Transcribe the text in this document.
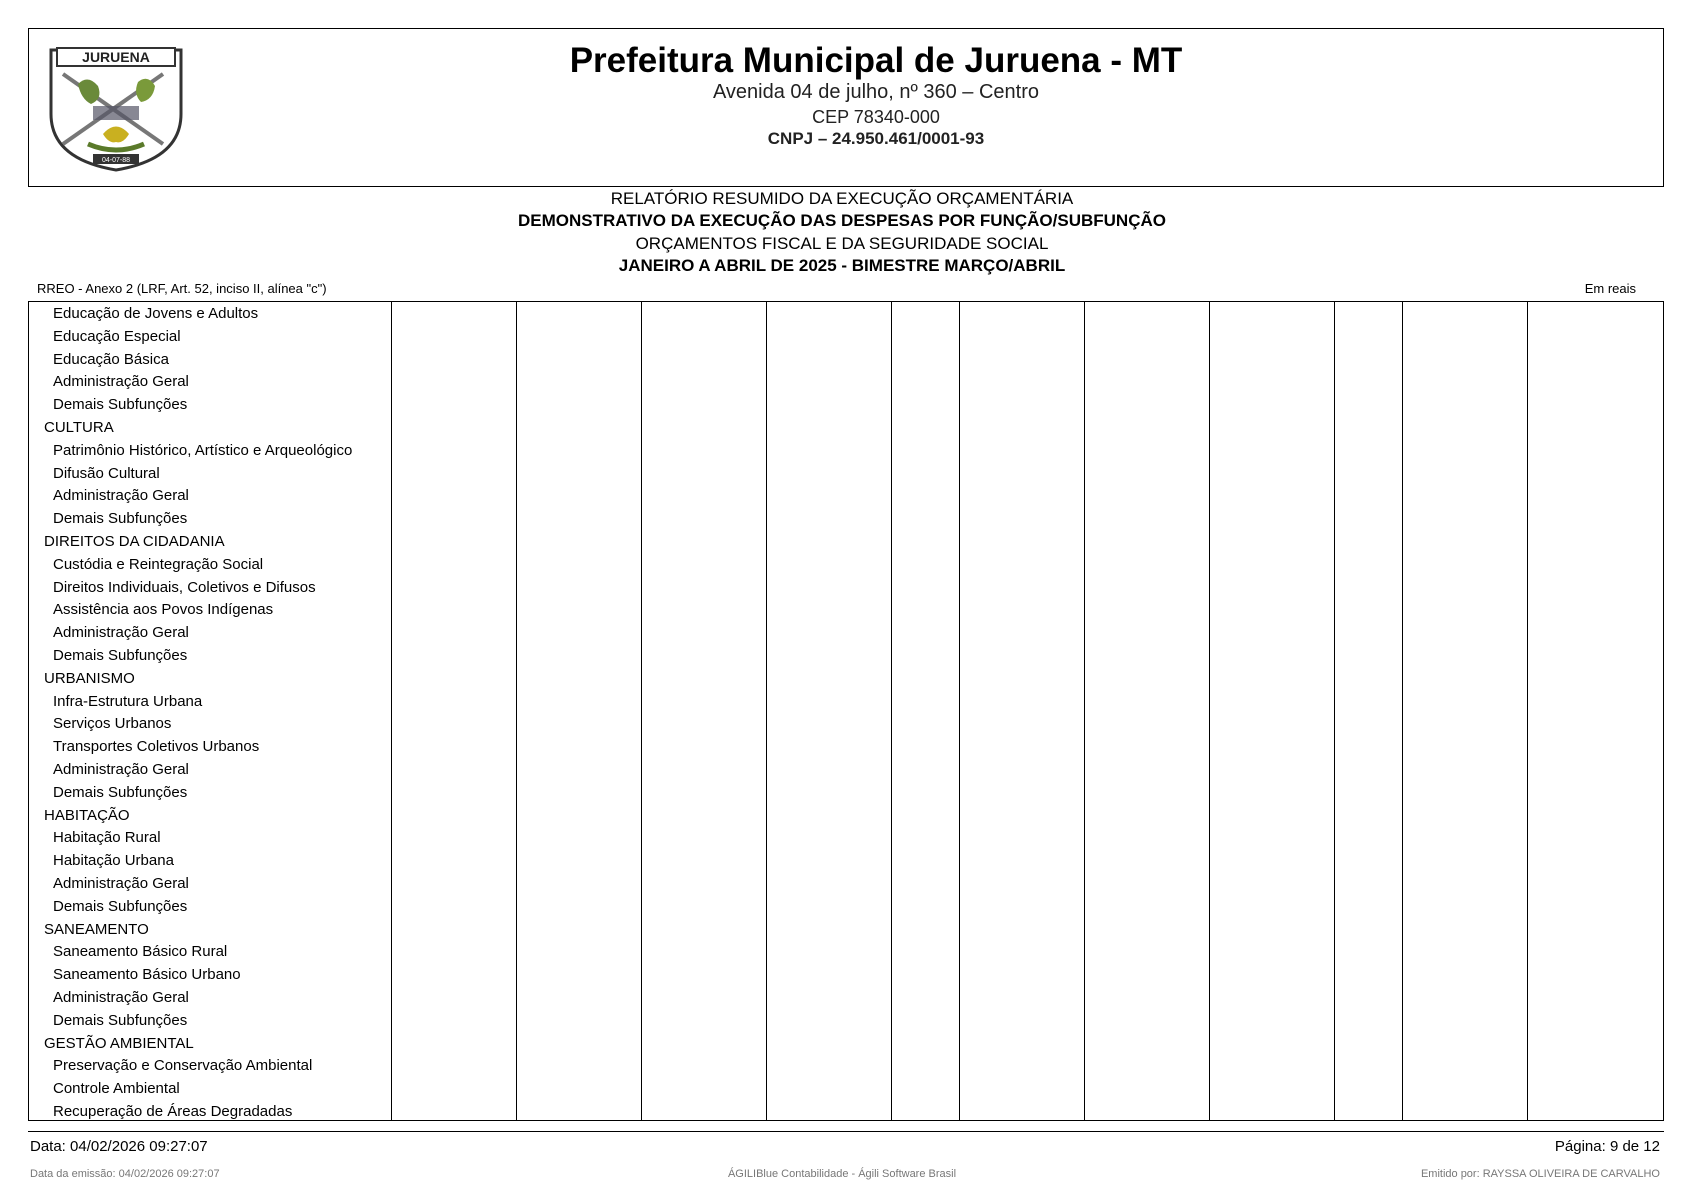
JURUENA
04-07-88
Prefeitura Municipal de Juruena - MT
Avenida 04 de julho, nº 360 – Centro
CEP 78340-000
CNPJ – 24.950.461/0001-93
RELATÓRIO RESUMIDO DA EXECUÇÃO ORÇAMENTÁRIA
DEMONSTRATIVO DA EXECUÇÃO DAS DESPESAS POR FUNÇÃO/SUBFUNÇÃO
ORÇAMENTOS FISCAL E DA SEGURIDADE SOCIAL
JANEIRO A ABRIL DE 2025 - BIMESTRE MARÇO/ABRIL
RREO - Anexo 2 (LRF, Art. 52, inciso II, alínea "c")	Em reais
Educação de Jovens e Adultos
Educação Especial
Educação Básica
Administração Geral
Demais Subfunções
CULTURA
Patrimônio Histórico, Artístico e Arqueológico
Difusão Cultural
Administração Geral
Demais Subfunções
DIREITOS DA CIDADANIA
Custódia e Reintegração Social
Direitos Individuais, Coletivos e Difusos
Assistência aos Povos Indígenas
Administração Geral
Demais Subfunções
URBANISMO
Infra-Estrutura Urbana
Serviços Urbanos
Transportes Coletivos Urbanos
Administração Geral
Demais Subfunções
HABITAÇÃO
Habitação Rural
Habitação Urbana
Administração Geral
Demais Subfunções
SANEAMENTO
Saneamento Básico Rural
Saneamento Básico Urbano
Administração Geral
Demais Subfunções
GESTÃO AMBIENTAL
Preservação e Conservação Ambiental
Controle Ambiental
Recuperação de Áreas Degradadas
Data: 04/02/2026 09:27:07	Página: 9 de 12
Data da emissão: 04/02/2026 09:27:07	ÁGILIBlue Contabilidade - Ágili Software Brasil	Emitido por: RAYSSA OLIVEIRA DE CARVALHO
